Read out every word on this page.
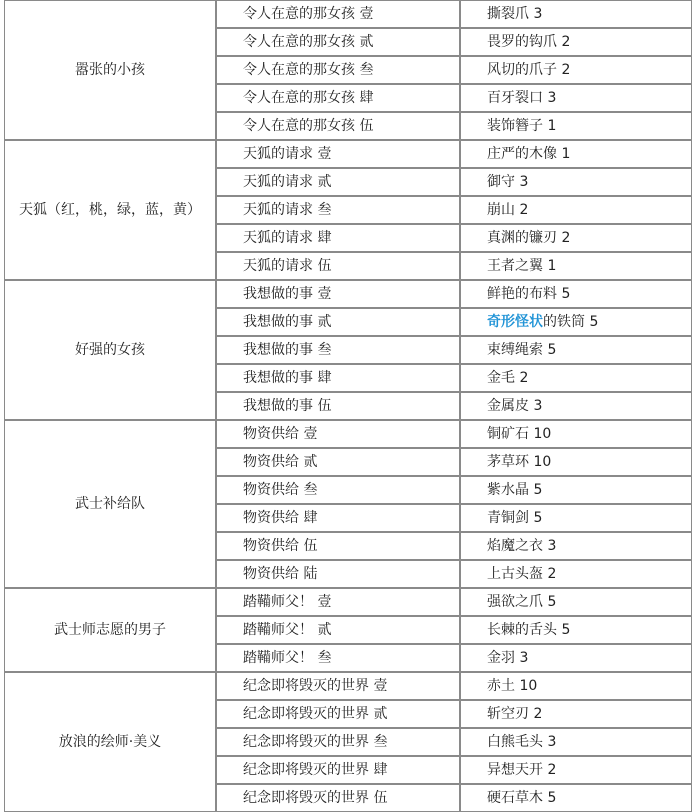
嚣张的小孩	令人在意的那女孩 壹	撕裂爪 3
	令人在意的那女孩 贰	畏罗的钩爪 2
	令人在意的那女孩 叁	风切的爪子 2
	令人在意的那女孩 肆	百牙裂口 3
	令人在意的那女孩 伍	装饰簪子 1
天狐（红，桃，绿，蓝，黄）	天狐的请求 壹	庄严的木像 1
	天狐的请求 贰	御守 3
	天狐的请求 叁	崩山 2
	天狐的请求 肆	真渊的镰刃 2
	天狐的请求 伍	王者之翼 1
好强的女孩	我想做的事 壹	鲜艳的布料 5
	我想做的事 贰	奇形怪状的铁筒 5
	我想做的事 叁	束缚绳索 5
	我想做的事 肆	金毛 2
	我想做的事 伍	金属皮 3
武士补给队	物资供给 壹	铜矿石 10
	物资供给 贰	茅草环 10
	物资供给 叁	紫水晶 5
	物资供给 肆	青铜剑 5
	物资供给 伍	焰魔之衣 3
	物资供给 陆	上古头盔 2
武士师志愿的男子	踏鞴师父！ 壹	强欲之爪 5
	踏鞴师父！ 贰	长棘的舌头 5
	踏鞴师父！ 叁	金羽 3
放浪的绘师·美义	纪念即将毁灭的世界 壹	赤土 10
	纪念即将毁灭的世界 贰	斩空刃 2
	纪念即将毁灭的世界 叁	白熊毛头 3
	纪念即将毁灭的世界 肆	异想天开 2
	纪念即将毁灭的世界 伍	硬石草木 5
